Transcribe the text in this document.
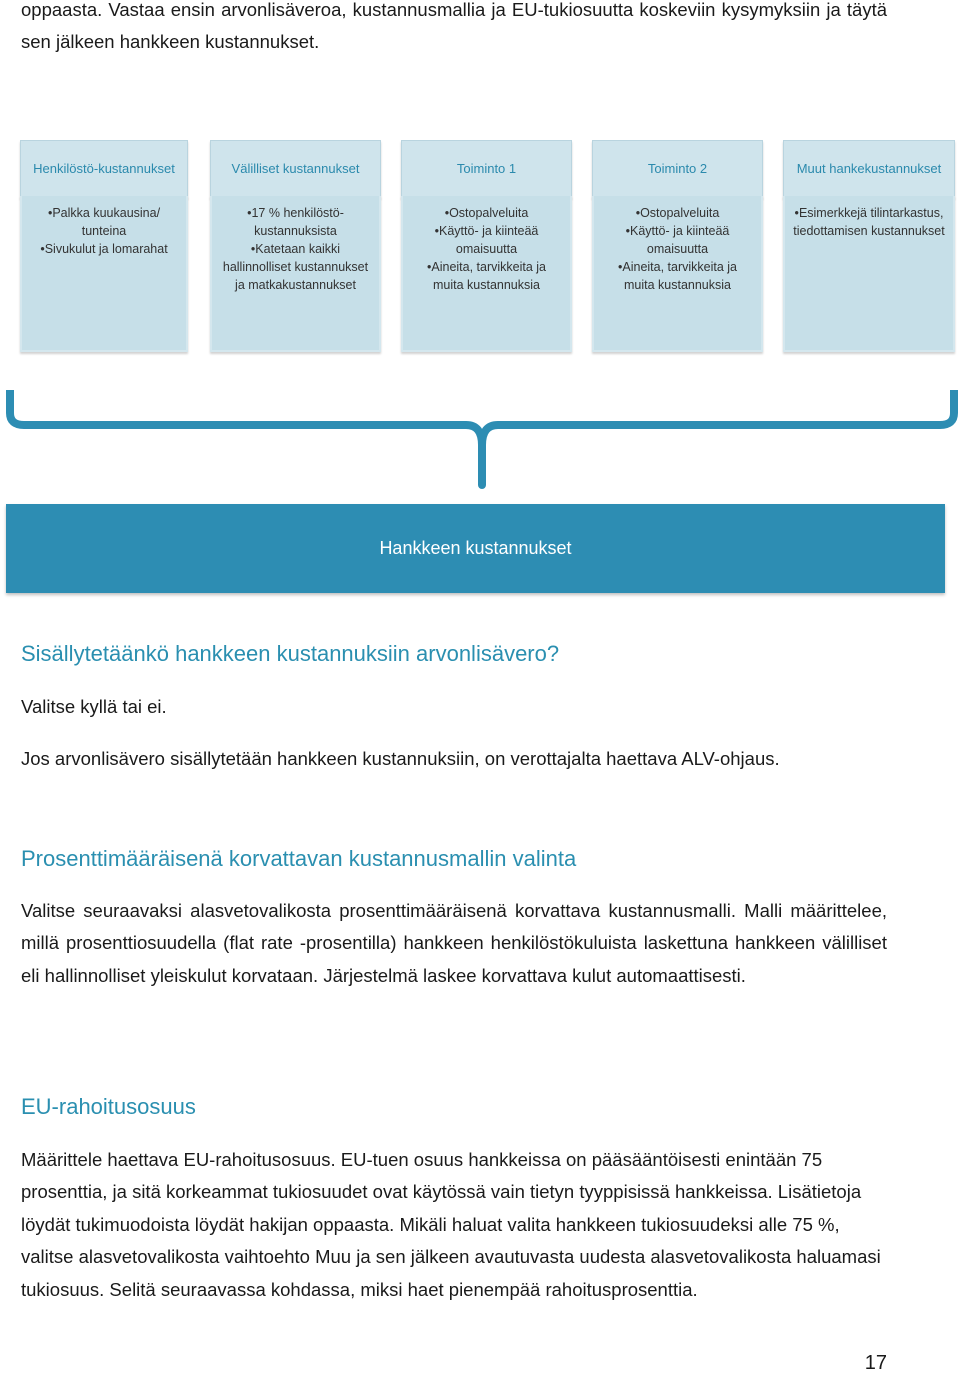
oppaasta. Vastaa ensin arvonlisäveroa, kustannusmallia ja EU-tukiosuutta koskeviin kysymyksiin ja täytä sen jälkeen hankkeen kustannukset.

Henkilöstö-kustannukset
• Palkka kuukausina/ tunteina
• Sivukulut ja lomarahat
Välilliset kustannukset
• 17 % henkilöstö-kustannuksista
• Katetaan kaikki hallinnolliset kustannukset ja matkakustannukset
Toiminto 1
• Ostopalveluita
• Käyttö- ja kiinteää omaisuutta
• Aineita, tarvikkeita ja muita kustannuksia
Toiminto 2
• Ostopalveluita
• Käyttö- ja kiinteää omaisuutta
• Aineita, tarvikkeita ja muita kustannuksia
Muut hankekustannukset
• Esimerkkejä tilintarkastus, tiedottamisen kustannukset
Hankkeen kustannukset
Sisällytetäänkö hankkeen kustannuksiin arvonlisävero?

Valitse kyllä tai ei.

Jos arvonlisävero sisällytetään hankkeen kustannuksiin, on verottajalta haettava ALV-ohjaus.

Prosenttimääräisenä korvattavan kustannusmallin valinta

Valitse seuraavaksi alasvetovalikosta prosenttimääräisenä korvattava kustannusmalli. Malli määrittelee, millä prosenttiosuudella (flat rate -prosentilla) hankkeen henkilöstökuluista laskettuna hankkeen välilliset eli hallinnolliset yleiskulut korvataan. Järjestelmä laskee korvattava kulut automaattisesti.

EU-rahoitusosuus

Määrittele haettava EU-rahoitusosuus. EU-tuen osuus hankkeissa on pääsääntöisesti enintään 75 prosenttia, ja sitä korkeammat tukiosuudet ovat käytössä vain tietyn tyyppisissä hankkeissa. Lisätietoja löydät tukimuodoista löydät hakijan oppaasta. Mikäli haluat valita hankkeen tukiosuudeksi alle 75 %, valitse alasvetovalikosta vaihtoehto Muu ja sen jälkeen avautuvasta uudesta alasvetovalikosta haluamasi tukiosuus. Selitä seuraavassa kohdassa, miksi haet pienempää rahoitusprosenttia.

17
